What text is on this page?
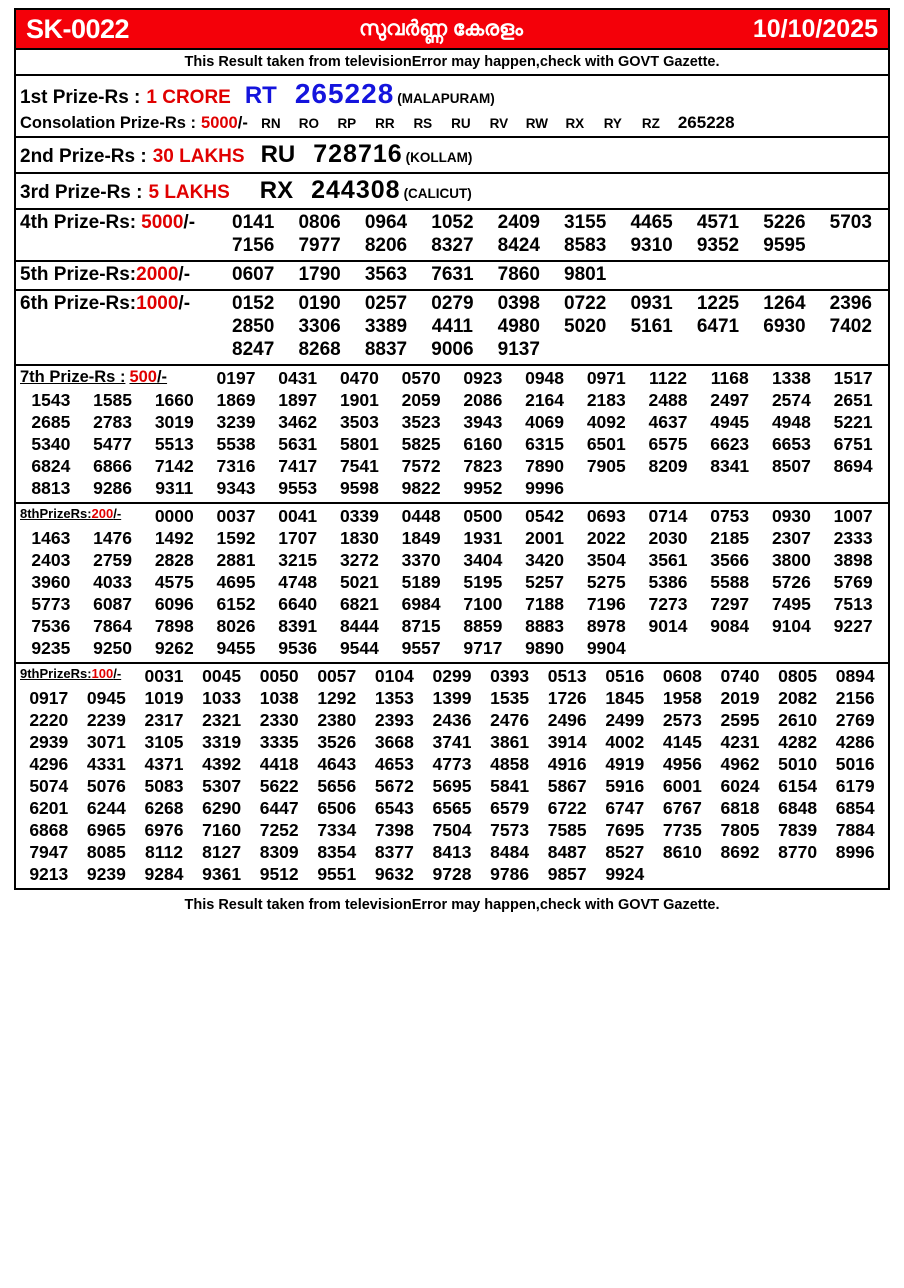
SK-0022	സുവർണ്ണ കേരളം	10/10/2025
This Result taken from televisionError may happen,check with GOVT Gazette.
1st Prize-Rs : 1 CRORE RT 265228 (MALAPURAM)
Consolation Prize-Rs : 5000 /- RN	RO	RP	RR	RS	RU	RV	RW	RX	RY	RZ	265228
2nd Prize-Rs : 30 LAKHS RU 728716 (KOLLAM)
3rd Prize-Rs : 5 LAKHS	RX 244308 (CALICUT)
4th Prize-Rs: 5000 /-	0141	0806	0964	1052	2409	3155	4465	4571	5226	5703
7156	7977	8206	8327	8424	8583	9310	9352	9595
5th Prize-Rs: 2000 /-	0607	1790	3563	7631	7860	9801
6th Prize-Rs: 1000 /-	0152	0190	0257	0279	0398	0722	0931	1225	1264	2396
2850	3306	3389	4411	4980	5020	5161	6471	6930	7402
8247	8268	8837	9006	9137
7th Prize-Rs : 500 /-	0197	0431	0470	0570	0923	0948	0971	1122	1168	1338	1517
1543	1585	1660	1869	1897	1901	2059	2086	2164	2183	2488	2497	2574	2651
2685	2783	3019	3239	3462	3503	3523	3943	4069	4092	4637	4945	4948	5221
5340	5477	5513	5538	5631	5801	5825	6160	6315	6501	6575	6623	6653	6751
6824	6866	7142	7316	7417	7541	7572	7823	7890	7905	8209	8341	8507	8694
8813	9286	9311	9343	9553	9598	9822	9952	9996
8thPrizeRs: 200 /-	0000	0037	0041	0339	0448	0500	0542	0693	0714	0753	0930	1007
1463	1476	1492	1592	1707	1830	1849	1931	2001	2022	2030	2185	2307	2333
2403	2759	2828	2881	3215	3272	3370	3404	3420	3504	3561	3566	3800	3898
3960	4033	4575	4695	4748	5021	5189	5195	5257	5275	5386	5588	5726	5769
5773	6087	6096	6152	6640	6821	6984	7100	7188	7196	7273	7297	7495	7513
7536	7864	7898	8026	8391	8444	8715	8859	8883	8978	9014	9084	9104	9227
9235	9250	9262	9455	9536	9544	9557	9717	9890	9904
9thPrizeRs: 100 /-	0031	0045	0050	0057	0104	0299	0393	0513	0516	0608	0740	0805	0894
0917	0945	1019	1033	1038	1292	1353	1399	1535	1726	1845	1958	2019	2082	2156
2220	2239	2317	2321	2330	2380	2393	2436	2476	2496	2499	2573	2595	2610	2769
2939	3071	3105	3319	3335	3526	3668	3741	3861	3914	4002	4145	4231	4282	4286
4296	4331	4371	4392	4418	4643	4653	4773	4858	4916	4919	4956	4962	5010	5016
5074	5076	5083	5307	5622	5656	5672	5695	5841	5867	5916	6001	6024	6154	6179
6201	6244	6268	6290	6447	6506	6543	6565	6579	6722	6747	6767	6818	6848	6854
6868	6965	6976	7160	7252	7334	7398	7504	7573	7585	7695	7735	7805	7839	7884
7947	8085	8112	8127	8309	8354	8377	8413	8484	8487	8527	8610	8692	8770	8996
9213	9239	9284	9361	9512	9551	9632	9728	9786	9857	9924
This Result taken from televisionError may happen,check with GOVT Gazette.
